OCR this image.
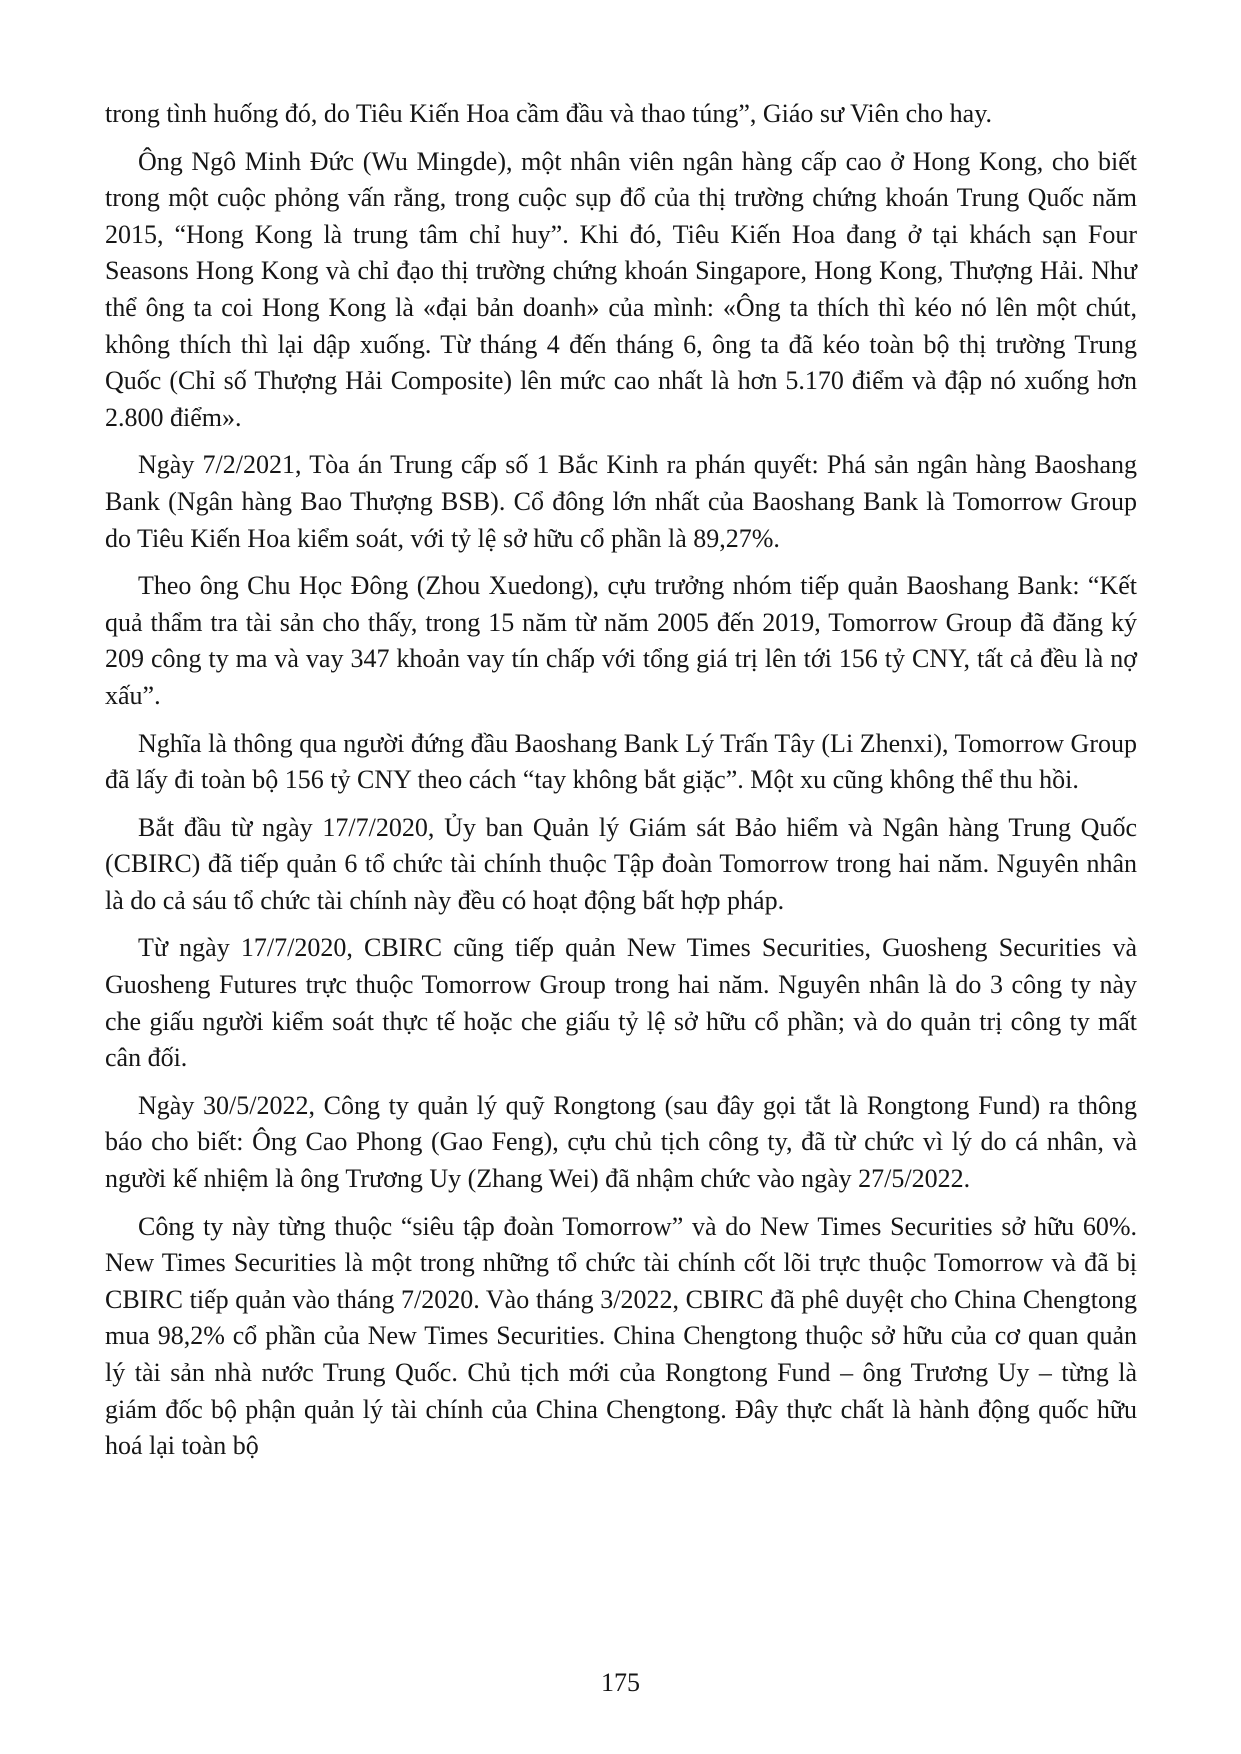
trong tình huống đó, do Tiêu Kiến Hoa cầm đầu và thao túng”, Giáo sư Viên cho hay.

Ông Ngô Minh Đức (Wu Mingde), một nhân viên ngân hàng cấp cao ở Hong Kong, cho biết trong một cuộc phỏng vấn rằng, trong cuộc sụp đổ của thị trường chứng khoán Trung Quốc năm 2015, “Hong Kong là trung tâm chỉ huy”. Khi đó, Tiêu Kiến Hoa đang ở tại khách sạn Four Seasons Hong Kong và chỉ đạo thị trường chứng khoán Singapore, Hong Kong, Thượng Hải. Như thể ông ta coi Hong Kong là «đại bản doanh» của mình: «Ông ta thích thì kéo nó lên một chút, không thích thì lại dập xuống. Từ tháng 4 đến tháng 6, ông ta đã kéo toàn bộ thị trường Trung Quốc (Chỉ số Thượng Hải Composite) lên mức cao nhất là hơn 5.170 điểm và đập nó xuống hơn 2.800 điểm».

Ngày 7/2/2021, Tòa án Trung cấp số 1 Bắc Kinh ra phán quyết: Phá sản ngân hàng Baoshang Bank (Ngân hàng Bao Thượng BSB). Cổ đông lớn nhất của Baoshang Bank là Tomorrow Group do Tiêu Kiến Hoa kiểm soát, với tỷ lệ sở hữu cổ phần là 89,27%.

Theo ông Chu Học Đông (Zhou Xuedong), cựu trưởng nhóm tiếp quản Baoshang Bank: “Kết quả thẩm tra tài sản cho thấy, trong 15 năm từ năm 2005 đến 2019, Tomorrow Group đã đăng ký 209 công ty ma và vay 347 khoản vay tín chấp với tổng giá trị lên tới 156 tỷ CNY, tất cả đều là nợ xấu”.

Nghĩa là thông qua người đứng đầu Baoshang Bank Lý Trấn Tây (Li Zhenxi), Tomorrow Group đã lấy đi toàn bộ 156 tỷ CNY theo cách “tay không bắt giặc”. Một xu cũng không thể thu hồi.

Bắt đầu từ ngày 17/7/2020, Ủy ban Quản lý Giám sát Bảo hiểm và Ngân hàng Trung Quốc (CBIRC) đã tiếp quản 6 tổ chức tài chính thuộc Tập đoàn Tomorrow trong hai năm. Nguyên nhân là do cả sáu tổ chức tài chính này đều có hoạt động bất hợp pháp.

Từ ngày 17/7/2020, CBIRC cũng tiếp quản New Times Securities, Guosheng Securities và Guosheng Futures trực thuộc Tomorrow Group trong hai năm. Nguyên nhân là do 3 công ty này che giấu người kiểm soát thực tế hoặc che giấu tỷ lệ sở hữu cổ phần; và do quản trị công ty mất cân đối.

Ngày 30/5/2022, Công ty quản lý quỹ Rongtong (sau đây gọi tắt là Rongtong Fund) ra thông báo cho biết: Ông Cao Phong (Gao Feng), cựu chủ tịch công ty, đã từ chức vì lý do cá nhân, và người kế nhiệm là ông Trương Uy (Zhang Wei) đã nhậm chức vào ngày 27/5/2022.

Công ty này từng thuộc “siêu tập đoàn Tomorrow” và do New Times Securities sở hữu 60%. New Times Securities là một trong những tổ chức tài chính cốt lõi trực thuộc Tomorrow và đã bị CBIRC tiếp quản vào tháng 7/2020. Vào tháng 3/2022, CBIRC đã phê duyệt cho China Chengtong mua 98,2% cổ phần của New Times Securities. China Chengtong thuộc sở hữu của cơ quan quản lý tài sản nhà nước Trung Quốc. Chủ tịch mới của Rongtong Fund – ông Trương Uy – từng là giám đốc bộ phận quản lý tài chính của China Chengtong. Đây thực chất là hành động quốc hữu hoá lại toàn bộ

175
